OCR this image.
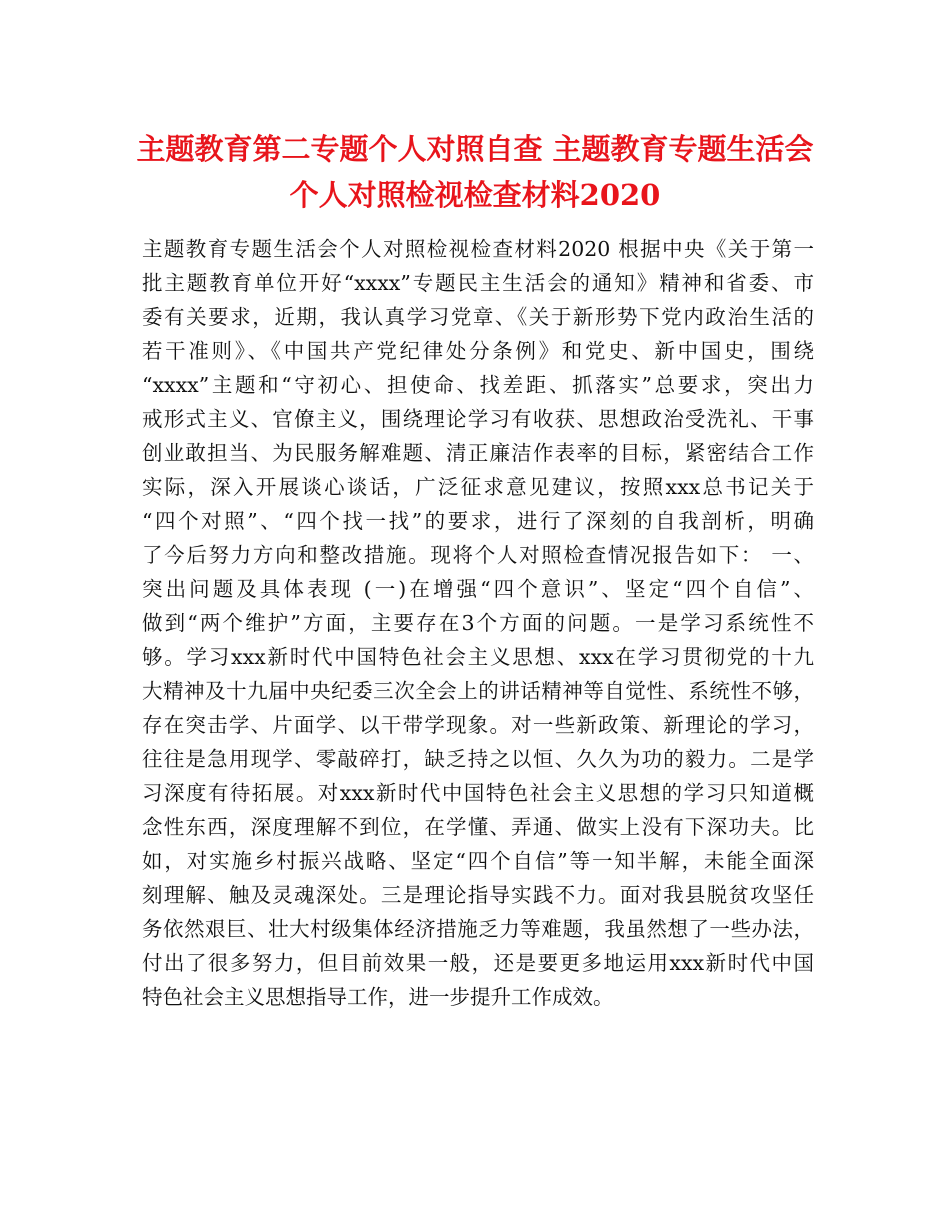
主题教育第二专题个人对照自查 主题教育专题生活会
个人对照检视检查材料2020
主题教育专题生活会个人对照检视检查材料2020 根据中央《关于第一
批主题教育单位开好“xxxx”专题民主生活会的通知》精神和省委、市
委有关要求，近期，我认真学习党章、《关于新形势下党内政治生活的
若干准则》、《中国共产党纪律处分条例》和党史、新中国史，围绕
“xxxx”主题和“守初心、担使命、找差距、抓落实”总要求，突出力
戒形式主义、官僚主义，围绕理论学习有收获、思想政治受洗礼、干事
创业敢担当、为民服务解难题、清正廉洁作表率的目标，紧密结合工作
实际，深入开展谈心谈话，广泛征求意见建议，按照xxx总书记关于
“四个对照”、“四个找一找”的要求，进行了深刻的自我剖析，明确
了今后努力方向和整改措施。现将个人对照检查情况报告如下： 一、
突出问题及具体表现 (一)在增强“四个意识”、坚定“四个自信”、
做到“两个维护”方面，主要存在3个方面的问题。一是学习系统性不
够。学习xxx新时代中国特色社会主义思想、xxx在学习贯彻党的十九
大精神及十九届中央纪委三次全会上的讲话精神等自觉性、系统性不够，
存在突击学、片面学、以干带学现象。对一些新政策、新理论的学习，
往往是急用现学、零敲碎打，缺乏持之以恒、久久为功的毅力。二是学
习深度有待拓展。对xxx新时代中国特色社会主义思想的学习只知道概
念性东西，深度理解不到位，在学懂、弄通、做实上没有下深功夫。比
如，对实施乡村振兴战略、坚定“四个自信”等一知半解，未能全面深
刻理解、触及灵魂深处。三是理论指导实践不力。面对我县脱贫攻坚任
务依然艰巨、壮大村级集体经济措施乏力等难题，我虽然想了一些办法，
付出了很多努力，但目前效果一般，还是要更多地运用xxx新时代中国
特色社会主义思想指导工作，进一步提升工作成效。
